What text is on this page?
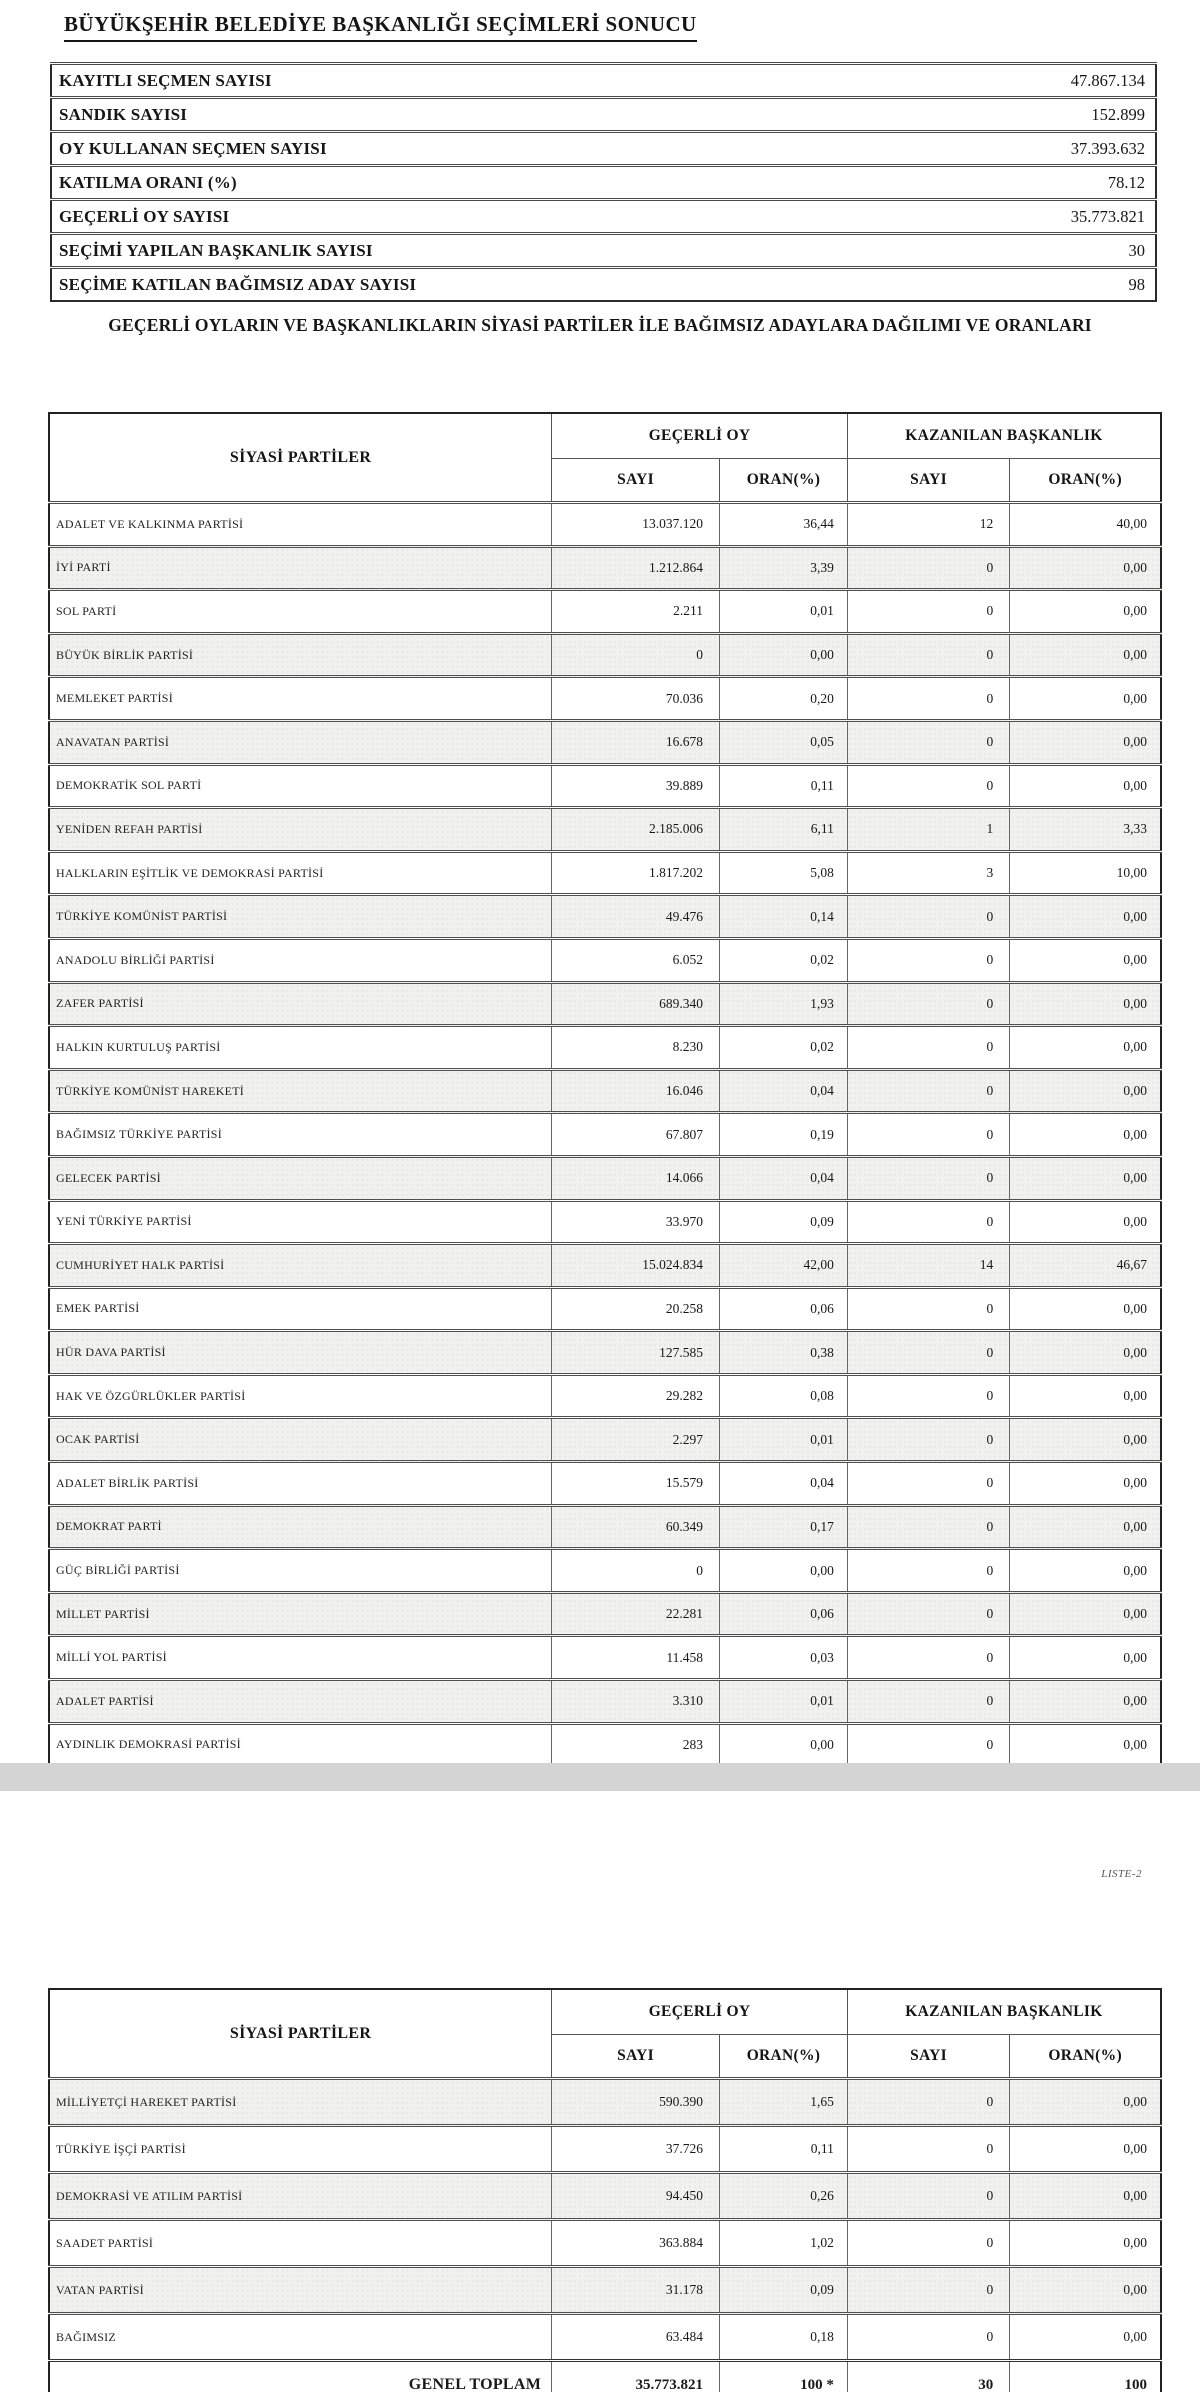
BÜYÜKŞEHİR BELEDİYE BAŞKANLIĞI SEÇİMLERİ SONUCU
KAYITLI SEÇMEN SAYISI	47.867.134
SANDIK SAYISI	152.899
OY KULLANAN SEÇMEN SAYISI	37.393.632
KATILMA ORANI (%)	78.12
GEÇERLİ OY SAYISI	35.773.821
SEÇİMİ YAPILAN BAŞKANLIK SAYISI	30
SEÇİME KATILAN BAĞIMSIZ ADAY SAYISI	98
GEÇERLİ OYLARIN VE BAŞKANLIKLARIN SİYASİ PARTİLER İLE BAĞIMSIZ ADAYLARA DAĞILIMI VE ORANLARI
SİYASİ PARTİLER	GEÇERLİ OY		KAZANILAN BAŞKANLIK	
	SAYI	ORAN(%)	SAYI	ORAN(%)
ADALET VE KALKINMA PARTİSİ	13.037.120	36,44	12	40,00
İYİ PARTİ	1.212.864	3,39	0	0,00
SOL PARTİ	2.211	0,01	0	0,00
BÜYÜK BİRLİK PARTİSİ	0	0,00	0	0,00
MEMLEKET PARTİSİ	70.036	0,20	0	0,00
ANAVATAN PARTİSİ	16.678	0,05	0	0,00
DEMOKRATİK SOL PARTİ	39.889	0,11	0	0,00
YENİDEN REFAH PARTİSİ	2.185.006	6,11	1	3,33
HALKLARIN EŞİTLİK VE DEMOKRASİ PARTİSİ	1.817.202	5,08	3	10,00
TÜRKİYE KOMÜNİST PARTİSİ	49.476	0,14	0	0,00
ANADOLU BİRLİĞİ PARTİSİ	6.052	0,02	0	0,00
ZAFER PARTİSİ	689.340	1,93	0	0,00
HALKIN KURTULUŞ PARTİSİ	8.230	0,02	0	0,00
TÜRKİYE KOMÜNİST HAREKETİ	16.046	0,04	0	0,00
BAĞIMSIZ TÜRKİYE PARTİSİ	67.807	0,19	0	0,00
GELECEK PARTİSİ	14.066	0,04	0	0,00
YENİ TÜRKİYE PARTİSİ	33.970	0,09	0	0,00
CUMHURİYET HALK PARTİSİ	15.024.834	42,00	14	46,67
EMEK PARTİSİ	20.258	0,06	0	0,00
HÜR DAVA PARTİSİ	127.585	0,38	0	0,00
HAK VE ÖZGÜRLÜKLER PARTİSİ	29.282	0,08	0	0,00
OCAK PARTİSİ	2.297	0,01	0	0,00
ADALET BİRLİK PARTİSİ	15.579	0,04	0	0,00
DEMOKRAT PARTİ	60.349	0,17	0	0,00
GÜÇ BİRLİĞİ PARTİSİ	0	0,00	0	0,00
MİLLET PARTİSİ	22.281	0,06	0	0,00
MİLLİ YOL PARTİSİ	11.458	0,03	0	0,00
ADALET PARTİSİ	3.310	0,01	0	0,00
AYDINLIK DEMOKRASİ PARTİSİ	283	0,00	0	0,00
LISTE-2
SİYASİ PARTİLER	GEÇERLİ OY		KAZANILAN BAŞKANLIK	
	SAYI	ORAN(%)	SAYI	ORAN(%)
MİLLİYETÇİ HAREKET PARTİSİ	590.390	1,65	0	0,00
TÜRKİYE İŞÇİ PARTİSİ	37.726	0,11	0	0,00
DEMOKRASİ VE ATILIM PARTİSİ	94.450	0,26	0	0,00
SAADET PARTİSİ	363.884	1,02	0	0,00
VATAN PARTİSİ	31.178	0,09	0	0,00
BAĞIMSIZ	63.484	0,18	0	0,00
GENEL TOPLAM	35.773.821	100 *	30	100
